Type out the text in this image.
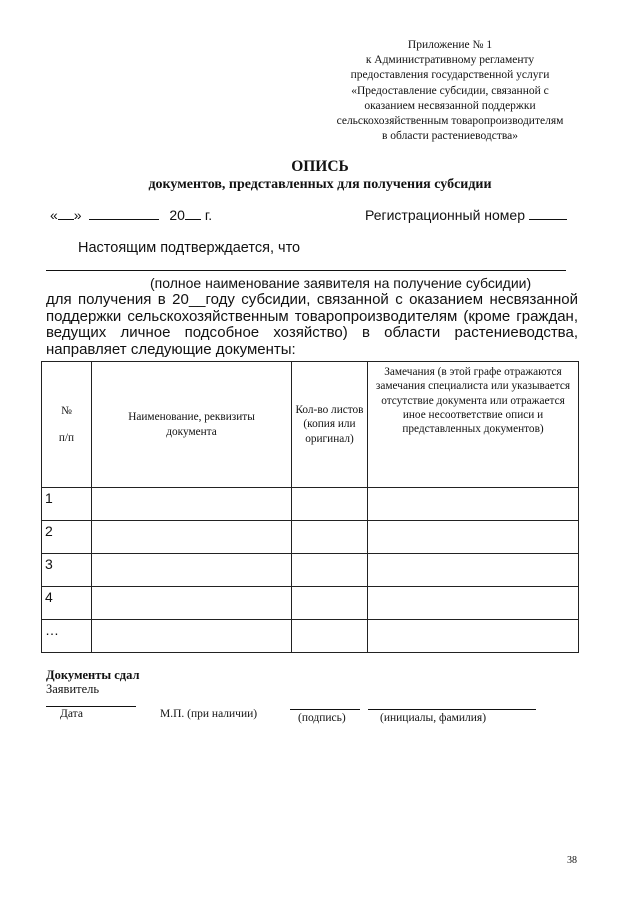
Приложение № 1
к Административному регламенту
предоставления государственной услуги
«Предоставление субсидии, связанной с
оказанием несвязанной поддержки
сельскохозяйственным товаропроизводителям
в области растениеводства»
ОПИСЬ
документов, представленных для получения субсидии
« »	20 г.	Регистрационный номер
Настоящим подтверждается, что
(полное наименование заявителя на получение субсидии)
для получения в 20__году субсидии, связанной с оказанием несвязанной поддержки сельскохозяйственным товаропроизводителям (кроме граждан, ведущих личное подсобное хозяйство) в области растениеводства, направляет следующие документы:
№
п/п	Наименование, реквизиты документа	Кол-во листов (копия или оригинал)	Замечания (в этой графе отражаются замечания специалиста или указывается отсутствие документа или отражается иное несоответствие описи и представленных документов)
1			
2			
3			
4			
…			
Документы сдал
Заявитель
Дата	М.П. (при наличии)	(подпись)	(инициалы, фамилия)
38
